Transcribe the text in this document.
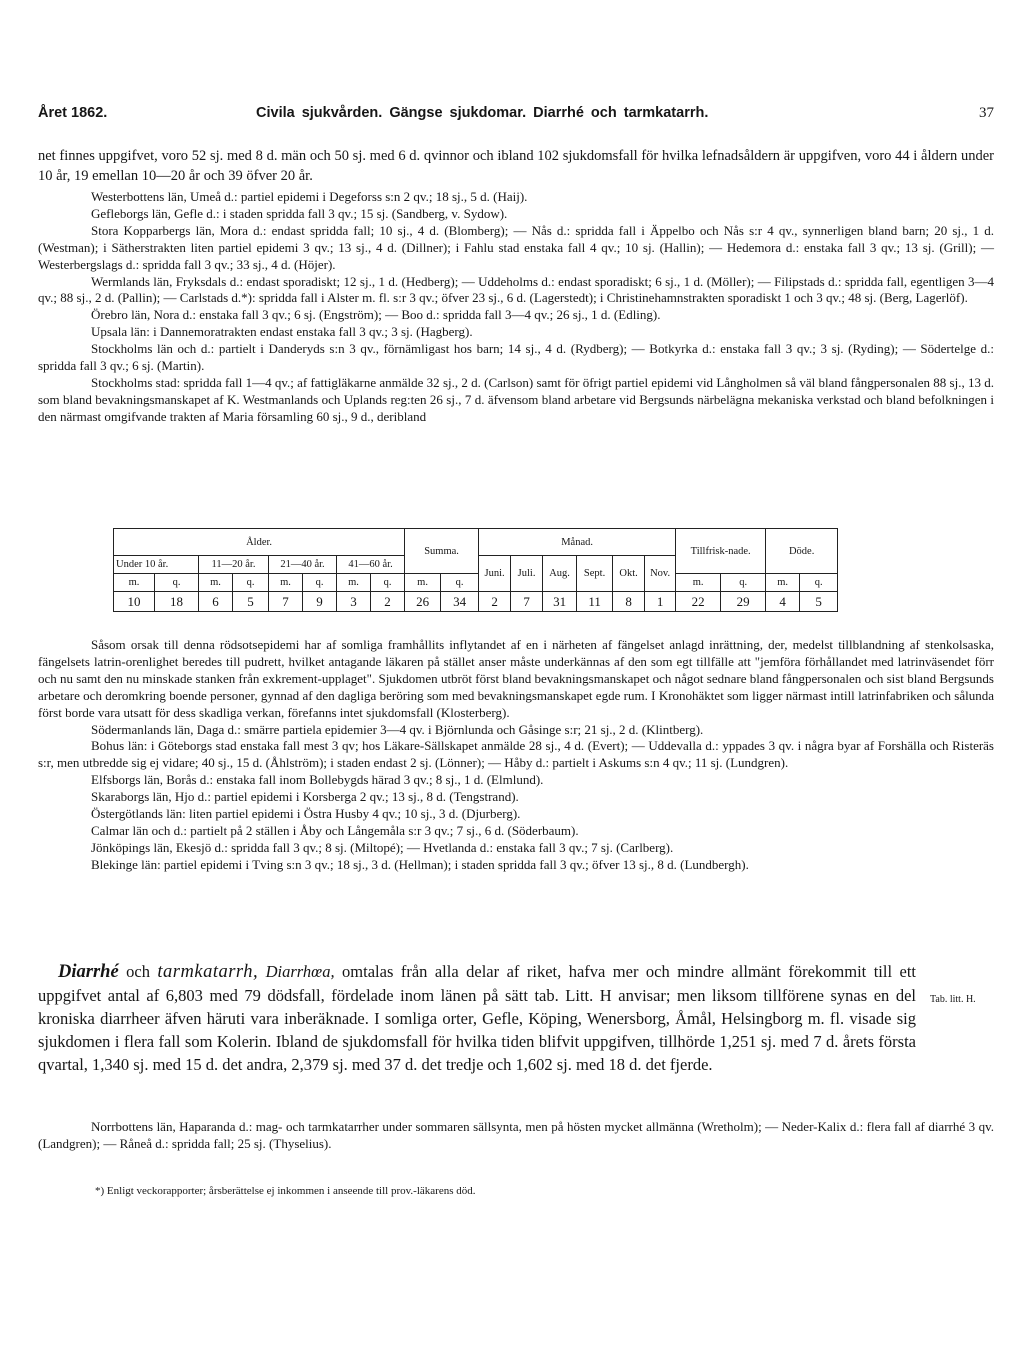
Året 1862.	Civila sjukvården. Gängse sjukdomar. Diarrhé och tarmkatarrh.	37

net finnes uppgifvet, voro 52 sj. med 8 d. män och 50 sj. med 6 d. qvinnor och ibland 102 sjukdomsfall för hvilka lefnadsåldern är uppgifven, voro 44 i åldern under 10 år, 19 emellan 10—20 år och 39 öfver 20 år.

Westerbottens län, Umeå d.: partiel epidemi i Degeforss s:n 2 qv.; 18 sj., 5 d. (Haij).

Gefleborgs län, Gefle d.: i staden spridda fall 3 qv.; 15 sj. (Sandberg, v. Sydow).

Stora Kopparbergs län, Mora d.: endast spridda fall; 10 sj., 4 d. (Blomberg); — Nås d.: spridda fall i Äppelbo och Nås s:r 4 qv., synnerligen bland barn; 20 sj., 1 d. (Westman); i Sätherstrakten liten partiel epidemi 3 qv.; 13 sj., 4 d. (Dillner); i Fahlu stad enstaka fall 4 qv.; 10 sj. (Hallin); — Hedemora d.: enstaka fall 3 qv.; 13 sj. (Grill); — Westerbergslags d.: spridda fall 3 qv.; 33 sj., 4 d. (Höjer).

Wermlands län, Fryksdals d.: endast sporadiskt; 12 sj., 1 d. (Hedberg); — Uddeholms d.: endast sporadiskt; 6 sj., 1 d. (Möller); — Filipstads d.: spridda fall, egentligen 3—4 qv.; 88 sj., 2 d. (Pallin); — Carlstads d.*): spridda fall i Alster m. fl. s:r 3 qv.; öfver 23 sj., 6 d. (Lagerstedt); i Christinehamnstrakten sporadiskt 1 och 3 qv.; 48 sj. (Berg, Lagerlöf).

Örebro län, Nora d.: enstaka fall 3 qv.; 6 sj. (Engström); — Boo d.: spridda fall 3—4 qv.; 26 sj., 1 d. (Edling).

Upsala län: i Dannemoratrakten endast enstaka fall 3 qv.; 3 sj. (Hagberg).

Stockholms län och d.: partielt i Danderyds s:n 3 qv., förnämligast hos barn; 14 sj., 4 d. (Rydberg); — Botkyrka d.: enstaka fall 3 qv.; 3 sj. (Ryding); — Södertelge d.: spridda fall 3 qv.; 6 sj. (Martin).

Stockholms stad: spridda fall 1—4 qv.; af fattigläkarne anmälde 32 sj., 2 d. (Carlson) samt för öfrigt partiel epidemi vid Långholmen så väl bland fångpersonalen 88 sj., 13 d. som bland bevakningsmanskapet af K. Westmanlands och Uplands reg:ten 26 sj., 7 d. äfvensom bland arbetare vid Bergsunds närbelägna mekaniska verkstad och bland befolkningen i den närmast omgifvande trakten af Maria församling 60 sj., 9 d., deribland

Ålder.								Summa.		Månad.						Tillfrisk-nade.		Döde.	
Under 10 år.		11—20 år.		21—40 år.		41—60 år.				Juni.	Juli.	Aug.	Sept.	Okt.	Nov.				
m.	q.	m.	q.	m.	q.	m.	q.	m.	q.							m.	q.	m.	q.
10	18	6	5	7	9	3	2	26	34	2	7	31	11	8	1	22	29	4	5

Såsom orsak till denna rödsotsepidemi har af somliga framhållits inflytandet af en i närheten af fängelset anlagd inrättning, der, medelst tillblandning af stenkolsaska, fängelsets latrin-orenlighet beredes till pudrett, hvilket antagande läkaren på stället anser måste underkännas af den som egt tillfälle att "jemföra förhållandet med latrinväsendet förr och nu samt den nu minskade stanken från exkrement-upplaget". Sjukdomen utbröt först bland bevakningsmanskapet och något sednare bland fångpersonalen och sist bland Bergsunds arbetare och deromkring boende personer, gynnad af den dagliga beröring som med bevakningsmanskapet egde rum. I Kronohäktet som ligger närmast intill latrinfabriken och sålunda först borde vara utsatt för dess skadliga verkan, förefanns intet sjukdomsfall (Klosterberg).

Södermanlands län, Daga d.: smärre partiela epidemier 3—4 qv. i Björnlunda och Gåsinge s:r; 21 sj., 2 d. (Klintberg).

Bohus län: i Göteborgs stad enstaka fall mest 3 qv; hos Läkare-Sällskapet anmälde 28 sj., 4 d. (Evert); — Uddevalla d.: yppades 3 qv. i några byar af Forshälla och Risteräs s:r, men utbredde sig ej vidare; 40 sj., 15 d. (Åhlström); i staden endast 2 sj. (Lönner); — Håby d.: partielt i Askums s:n 4 qv.; 11 sj. (Lundgren).

Elfsborgs län, Borås d.: enstaka fall inom Bollebygds härad 3 qv.; 8 sj., 1 d. (Elmlund).

Skaraborgs län, Hjo d.: partiel epidemi i Korsberga 2 qv.; 13 sj., 8 d. (Tengstrand).

Östergötlands län: liten partiel epidemi i Östra Husby 4 qv.; 10 sj., 3 d. (Djurberg).

Calmar län och d.: partielt på 2 ställen i Åby och Långemåla s:r 3 qv.; 7 sj., 6 d. (Söderbaum).

Jönköpings län, Ekesjö d.: spridda fall 3 qv.; 8 sj. (Miltopé); — Hvetlanda d.: enstaka fall 3 qv.; 7 sj. (Carlberg).

Blekinge län: partiel epidemi i Tving s:n 3 qv.; 18 sj., 3 d. (Hellman); i staden spridda fall 3 qv.; öfver 13 sj., 8 d. (Lundbergh).

Diarrhé och tarmkatarrh, Diarrhœa, omtalas från alla delar af riket, hafva mer och mindre allmänt förekommit till ett uppgifvet antal af 6,803 med 79 dödsfall, fördelade inom länen på sätt tab. Litt. H anvisar; men liksom tillförene synas en del kroniska diarrheer äfven häruti vara inberäknade. I somliga orter, Gefle, Köping, Wenersborg, Åmål, Helsingborg m. fl. visade sig sjukdomen i flera fall som Kolerin. Ibland de sjukdomsfall för hvilka tiden blifvit uppgifven, tillhörde 1,251 sj. med 7 d. årets första qvartal, 1,340 sj. med 15 d. det andra, 2,379 sj. med 37 d. det tredje och 1,602 sj. med 18 d. det fjerde.

Tab. litt. H.

Norrbottens län, Haparanda d.: mag- och tarmkatarrher under sommaren sällsynta, men på hösten mycket allmänna (Wretholm); — Neder-Kalix d.: flera fall af diarrhé 3 qv. (Landgren); — Råneå d.: spridda fall; 25 sj. (Thyselius).

*) Enligt veckorapporter; årsberättelse ej inkommen i anseende till prov.-läkarens död.
